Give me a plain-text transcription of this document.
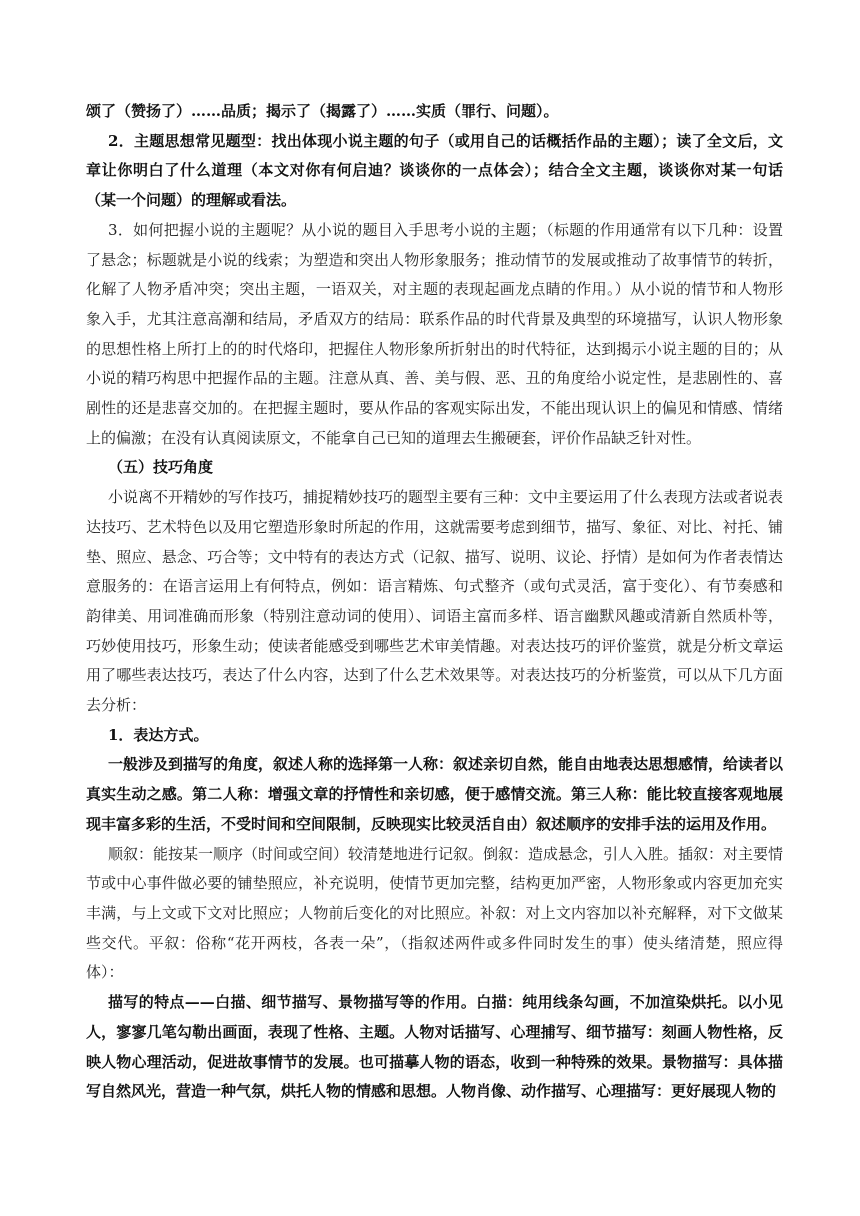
颂了（赞扬了）……品质；揭示了（揭露了）……实质（罪行、问题）。

2．主题思想常见题型：找出体现小说主题的句子（或用自己的话概括作品的主题）；读了全文后，文章让你明白了什么道理（本文对你有何启迪？谈谈你的一点体会）；结合全文主题，谈谈你对某一句话（某一个问题）的理解或看法。

3．如何把握小说的主题呢？从小说的题目入手思考小说的主题；（标题的作用通常有以下几种：设置了悬念；标题就是小说的线索；为塑造和突出人物形象服务；推动情节的发展或推动了故事情节的转折，化解了人物矛盾冲突；突出主题，一语双关，对主题的表现起画龙点睛的作用。）从小说的情节和人物形象入手，尤其注意高潮和结局，矛盾双方的结局：联系作品的时代背景及典型的环境描写，认识人物形象的思想性格上所打上的的时代烙印，把握住人物形象所折射出的时代特征，达到揭示小说主题的目的；从小说的精巧构思中把握作品的主题。注意从真、善、美与假、恶、丑的角度给小说定性，是悲剧性的、喜剧性的还是悲喜交加的。在把握主题时，要从作品的客观实际出发，不能出现认识上的偏见和情感、情绪上的偏激；在没有认真阅读原文，不能拿自己已知的道理去生搬硬套，评价作品缺乏针对性。

（五）技巧角度

小说离不开精妙的写作技巧，捕捉精妙技巧的题型主要有三种：文中主要运用了什么表现方法或者说表达技巧、艺术特色以及用它塑造形象时所起的作用，这就需要考虑到细节，描写、象征、对比、衬托、铺垫、照应、悬念、巧合等；文中特有的表达方式（记叙、描写、说明、议论、抒情）是如何为作者表情达意服务的：在语言运用上有何特点，例如：语言精炼、句式整齐（或句式灵活，富于变化）、有节奏感和韵律美、用词准确而形象（特别注意动词的使用）、词语主富而多样、语言幽默风趣或清新自然质朴等，巧妙使用技巧，形象生动；使读者能感受到哪些艺术审美情趣。对表达技巧的评价鉴赏，就是分析文章运用了哪些表达技巧，表达了什么内容，达到了什么艺术效果等。对表达技巧的分析鉴赏，可以从下几方面去分析：

1．表达方式。

一般涉及到描写的角度，叙述人称的选择第一人称：叙述亲切自然，能自由地表达思想感情，给读者以真实生动之感。第二人称：增强文章的抒情性和亲切感，便于感情交流。第三人称：能比较直接客观地展现丰富多彩的生活，不受时间和空间限制，反映现实比较灵活自由）叙述顺序的安排手法的运用及作用。

顺叙：能按某一顺序（时间或空间）较清楚地进行记叙。倒叙：造成悬念，引人入胜。插叙：对主要情节或中心事件做必要的铺垫照应，补充说明，使情节更加完整，结构更加严密，人物形象或内容更加充实丰满，与上文或下文对比照应；人物前后变化的对比照应。补叙：对上文内容加以补充解释，对下文做某些交代。平叙：俗称“花开两枝，各表一朵”，（指叙述两件或多件同时发生的事）使头绪清楚，照应得体）：

描写的特点——白描、细节描写、景物描写等的作用。白描：纯用线条勾画，不加渲染烘托。以小见人，寥寥几笔勾勒出画面，表现了性格、主题。人物对话描写、心理捕写、细节描写：刻画人物性格，反映人物心理活动，促进故事情节的发展。也可描摹人物的语态，收到一种特殊的效果。景物描写：具体描写自然风光，营造一种气氛，烘托人物的情感和思想。人物肖像、动作描写、心理描写：更好展现人物的
